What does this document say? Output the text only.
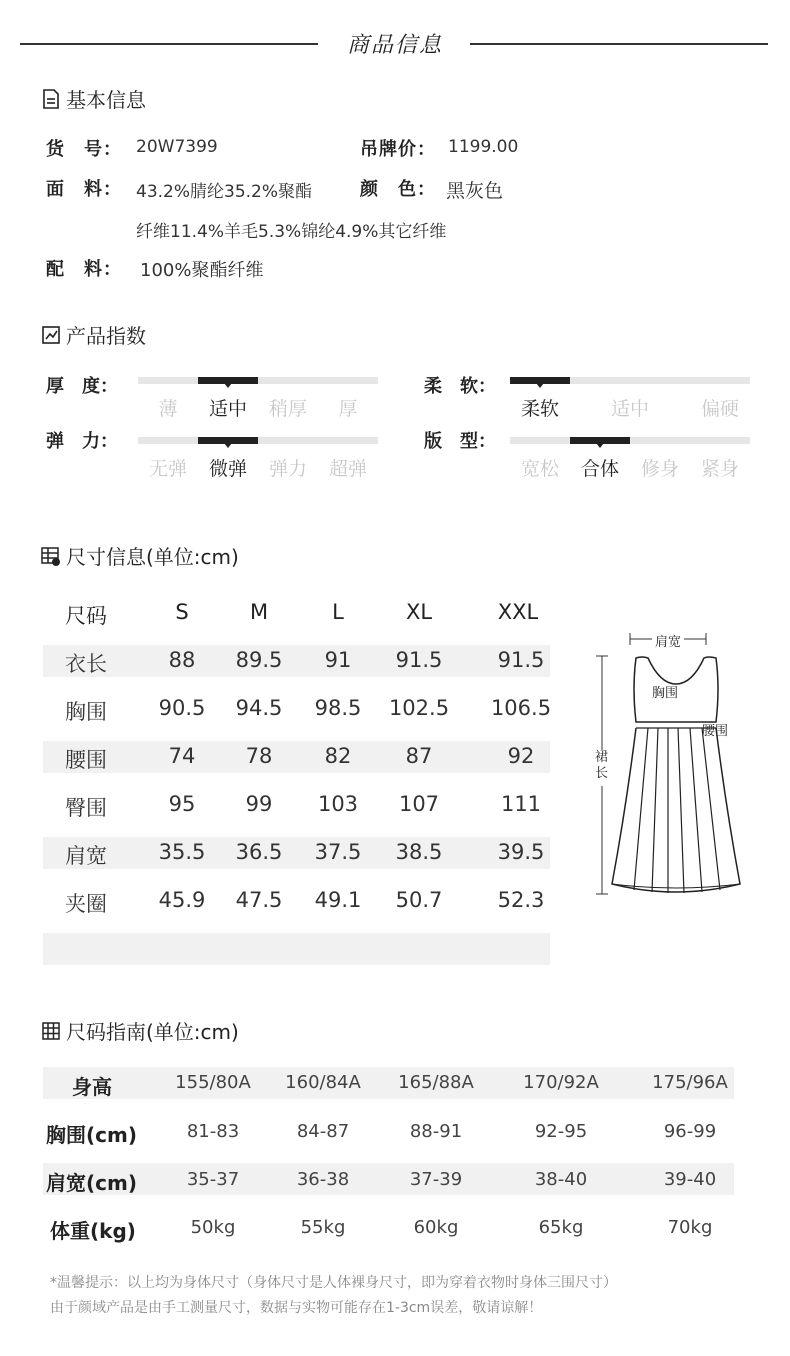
商品信息
基本信息
货　号： 20W7399	吊牌价： 1199.00
面　料： 43.2%腈纶35.2%聚酯	颜　色： 黑灰色
纤维11.4%羊毛5.3%锦纶4.9%其它纤维
配　料： 100%聚酯纤维
产品指数
厚　度：
薄	适中	稍厚	厚
柔　软：
柔软	适中	偏硬
弹　力：
无弹	微弹	弹力	超弹
版　型：
宽松	合体	修身	紧身
尺寸信息(单位:cm)
尺码	S	M	L	XL	XXL
衣长	88	89.5	91	91.5	91.5
胸围	90.5	94.5	98.5	102.5	106.5
腰围	74	78	82	87	92
臀围	95	99	103	107	111
肩宽	35.5	36.5	37.5	38.5	39.5
夹圈	45.9	47.5	49.1	50.7	52.3
肩宽
胸围
腰围
裙长
尺码指南(单位:cm)
身高	155/80A	160/84A	165/88A	170/92A	175/96A
胸围(cm)	81-83	84-87	88-91	92-95	96-99
肩宽(cm)	35-37	36-38	37-39	38-40	39-40
体重(kg)	50kg	55kg	60kg	65kg	70kg
*温馨提示：以上均为身体尺寸（身体尺寸是人体裸身尺寸，即为穿着衣物时身体三围尺寸）
由于颜域产品是由手工测量尺寸，数据与实物可能存在1-3cm误差，敬请谅解！
